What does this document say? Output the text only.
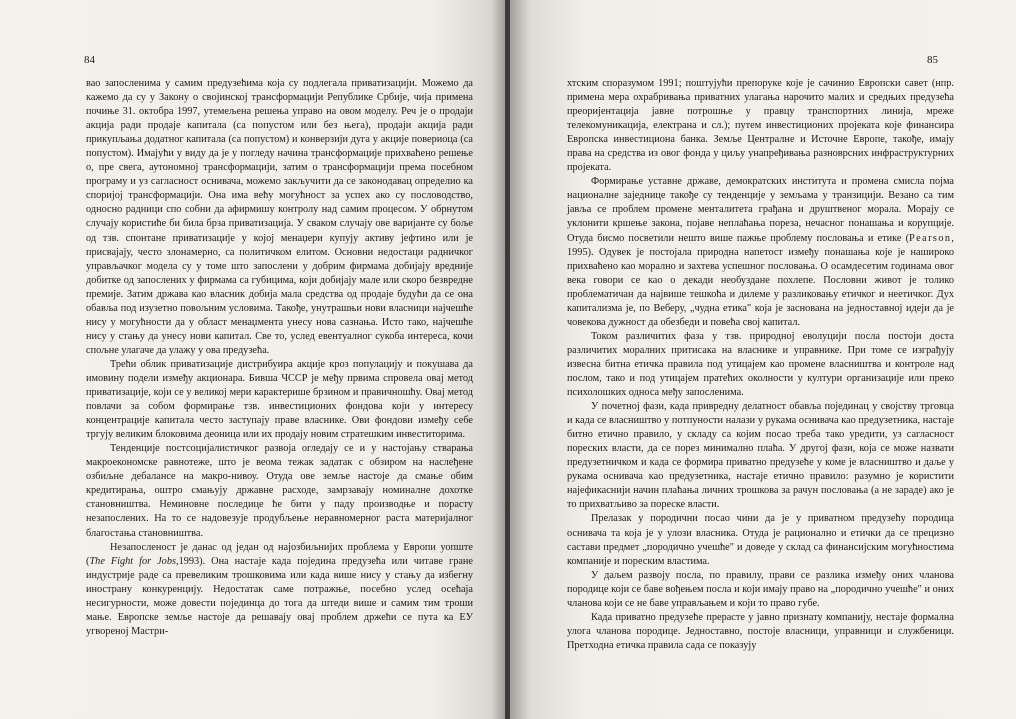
84

вао запосленима у самим предузећима која су подлегала приватизацији. Можемо да кажемо да су у Закону о својинској трансформацији Републике Србије, чија примена почиње 31. октобра 1997, утемељена решења управо на овом моделу. Реч је о продаји акција ради продаје капитала (са попустом или без њега), продаји акција ради прикупљања додатног капитала (са попустом) и конверзији дуга у акције повериоца (са попустом). Имајући у виду да је у погледу начина трансформације прихваћено решење о, пре свега, аутономној трансформацији, затим о трансформацији према посебном програму и уз сагласност оснивача, можемо закључити да се законодавац определио ка споријој трансформацији. Она има већу могућност за успех ако су пословодство, односно радници спо собни да афирмишу контролу над самим процесом. У обрнутом случају користиће би била брза приватизација. У сваком случају ове варијанте су боље од тзв. спонтане приватизације у којој менаџери купују активу јефтино или је присвајају, често злонамерно, са политичком елитом. Основни недостаци радничког управљачког модела су у томе што запослени у добрим фирмама добијају вредније добитке од запослених у фирмама са губицима, који добијају мале или скоро безвредне премије. Затим држава као власник добија мала средства од продаје будући да се она обавља под изузетно повољним условима. Такође, унутрашњи нови власници најчешће нису у могућности да у област менаџмента унесу нова сазнања. Исто тако, најчешће нису у стању да унесу нови капитал. Све то, услед евентуалног сукоба интереса, кочи спољне улагаче да улажу у ова предузећа.

Трећи облик приватизације дистрибуира акције кроз популацију и покушава да имовину подели између акционара. Бивша ЧССР је међу првима спровела овај метод приватизације, који се у великој мери карактерише брзином и правичношћу. Овај метод повлачи за собом формирање тзв. инвестиционих фондова који у интересу концентрације капитала често заступају праве власнике. Ови фондови између себе тргују великим блоковима деоница или их продају новим стратешким инвеститорима.

Тенденције постсоцијалистичког развоја огледају се и у настојању стварања макроекономске равнотеже, што је веома тежак задатак с обзиром на наслеђене озбиљне дебалансе на макро-нивоу. Отуда ове земље настоје да смање обим кредитирања, оштро смањују државне расходе, замрзавају номиналне дохотке становништва. Неминовне последице ће бити у паду производње и порасту незапослених. На то се надовезује продубљење неравномерног раста материјалног благостања становништва.

Незапосленост је данас од један од најозбиљнијих проблема у Европи уопште (The Fight for Jobs,1993). Она настаје када поједина предузећа или читаве гране индустрије раде са превеликим трошковима или када више нису у стању да избегну инострану конкуренцију. Недостатак саме потражње, посебно услед осећаја несигурности, може довести појединца до тога да штеди више и самим тим троши мање. Европске земље настоје да решавају овај проблем држећи се пута ка ЕУ угвореној Мастри-

85

хтским споразумом 1991; поштујући препоруке које је сачинио Европски савет (нпр. примена мера охрабривања приватних улагања нарочито малих и средњих предузећа преоријентација јавне потрошње у правцу транспортних линија, мреже телекомуникација, електрана и сл.); путем инвестиционих пројеката које финансира Европска инвестициона банка. Земље Централне и Источне Европе, такође, имају права на средства из овог фонда у циљу унапређивања разноврсних инфраструктурних пројеката.

Формирање уставне државе, демократских института и промена смисла појма националне заједнице такође су тенденције у земљама у транзицији. Везано са тим јавља се проблем промене менталитета грађана и друштвеног морала. Морају се уклонити кршење закона, појаве неплаћања пореза, нечасног понашања и корупције. Отуда бисмо посветили нешто више пажње проблему пословања и етике (Pearson, 1995). Одувек је постојала природна напетост између понашања које је нашироко прихваћено као морално и захтева успешног пословања. О осамдесетим годинама овог века говори се као о декади необуздане похлепе. Пословни живот је толико проблематичан да највише тешкоћа и дилеме у разликовању етичког и неетичког. Дух капитализма је, по Веберу, „чудна етика" која је заснована на једноставној идеји да је човекова дужност да обезбеди и повећа свој капитал.

Током различитих фаза у тзв. природној еволуцији посла постоји доста различитих моралних притисака на власнике и управнике. При томе се изграђују извесна битна етичка правила под утицајем као промене власништва и контроле над послом, тако и под утицајем пратећих околности у култури организације или преко психолошких односа међу запосленима.

У почетној фази, када привредну делатност обавља појединац у својству трговца и када се власништво у потпуности налази у рукама оснивача као предузетника, настаје битно етично правило, у складу са којим посао треба тако уредити, уз сагласност пореских власти, да се порез минимално плаћа. У другој фази, која се може назвати предузетничком и када се формира приватно предузеће у коме је власништво и даље у рукама оснивача као предузетника, настаје етично правило: разумно је користити најефикаснији начин плаћања личних трошкова за рачун пословања (а не зараде) ако је то прихватљиво за пореске власти.

Прелазак у породични посао чини да је у приватном предузећу породица оснивача та која је у улози власника. Отуда је рационално и етички да се прецизно састави предмет „породично учешће" и доведе у склад са финансијским могућностима компаније и пореским властима.

У даљем развоју посла, по правилу, прави се разлика између оних чланова породице који се баве вођењем посла и који имају право на „породично учешће" и оних чланова који се не баве управљањем и који то право губе.

Када приватно предузеће прерасте у јавно признату компанију, нестаје формална улога чланова породице. Једноставно, постоје власници, управници и службеници. Претходна етичка правила сада се показују
